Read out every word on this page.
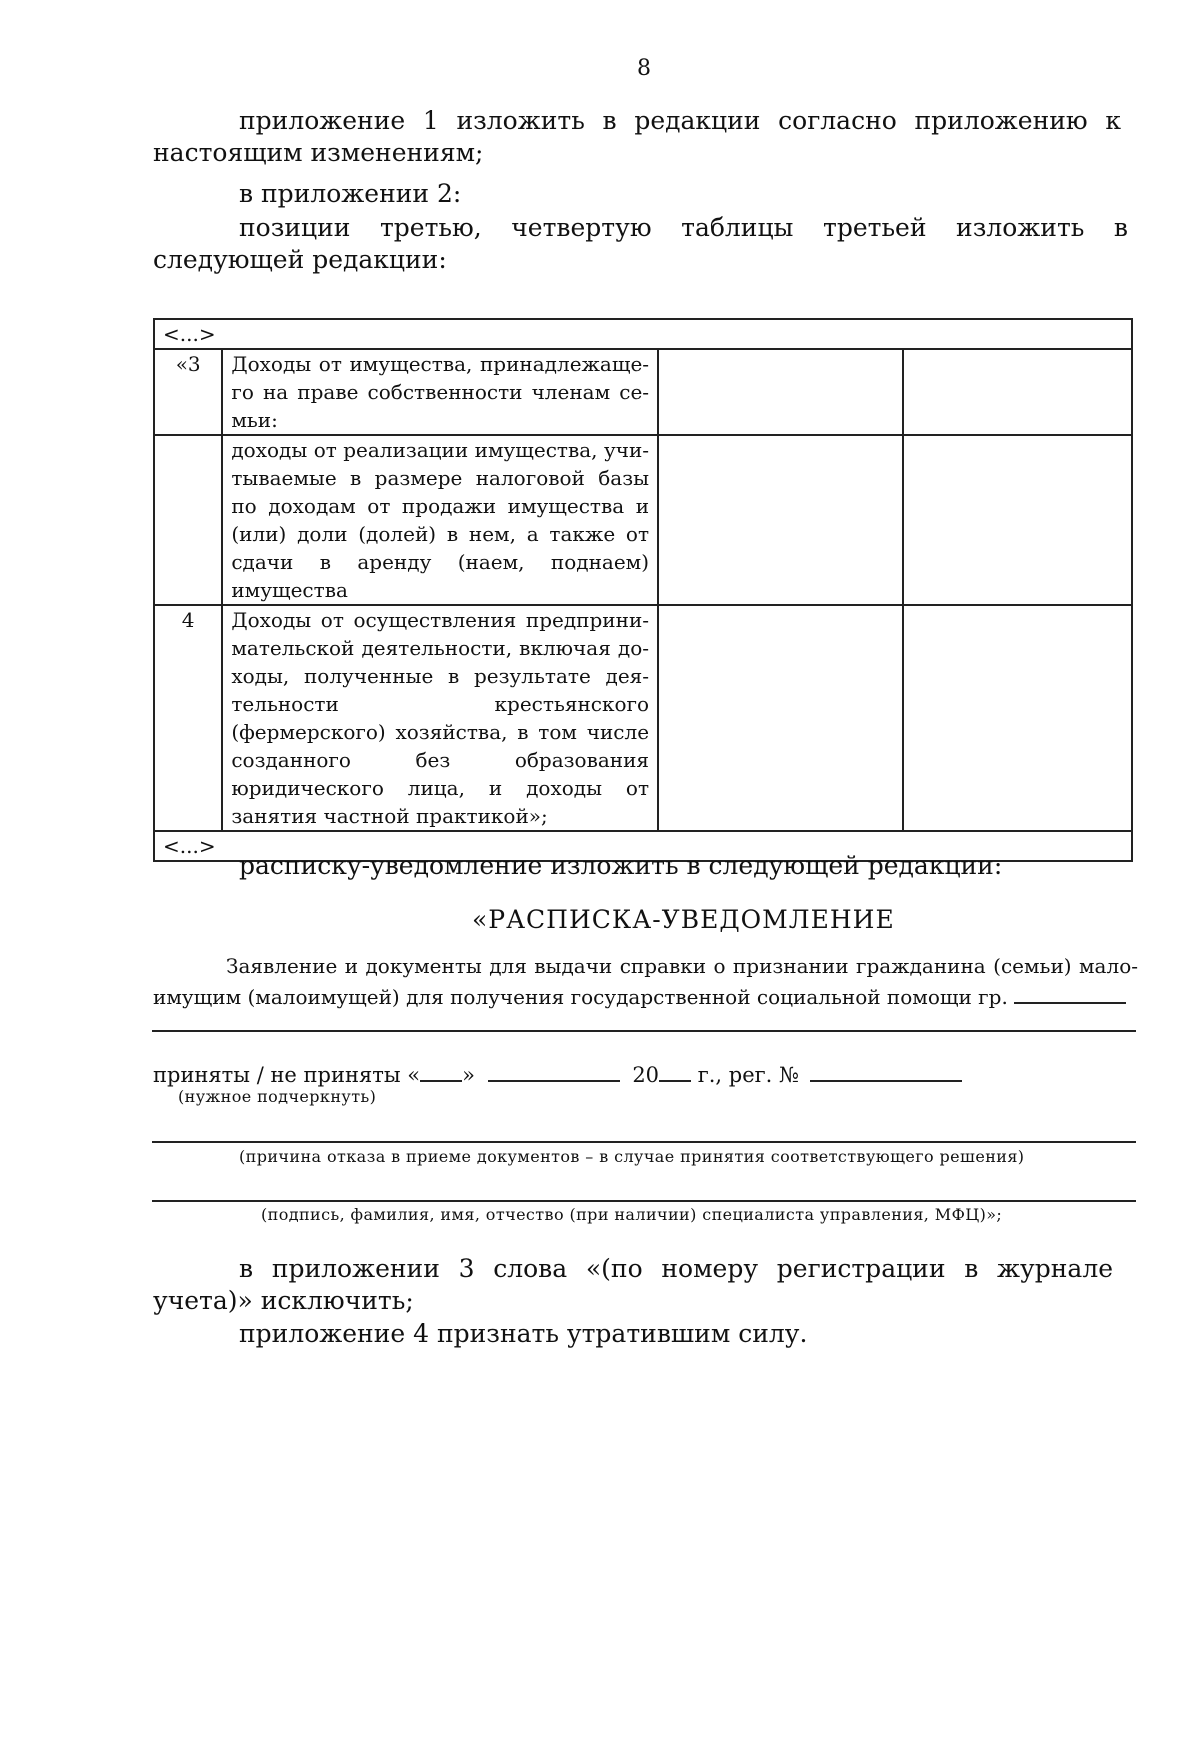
8

приложение 1 изложить в редакции согласно приложению к настоящим изменениям;

в приложении 2:

позиции третью, четвертую таблицы третьей изложить в следующей редакции:

<...>			
«3	Доходы от имущества, принадлежащего на праве собственности членам семьи:		
	доходы от реализации имущества, учитываемые в размере налоговой базы по доходам от продажи имущества и (или) доли (долей) в нем, а также от сдачи в аренду (наем, поднаем) имущества		
4	Доходы от осуществления предпринимательской деятельности, включая доходы, полученные в результате деятельности крестьянского (фермерского) хозяйства, в том числе созданного без образования юридического лица, и доходы от занятия частной практикой»;		
<...>			
расписку-уведомление изложить в следующей редакции:
«РАСПИСКА-УВЕДОМЛЕНИЕ

Заявление и документы для выдачи справки о признании гражданина (семьи) малоимущим (малоимущей) для получения государственной социальной помощи гр.

приняты / не приняты « »	20 г., рег. №
(нужное подчеркнуть)
(причина отказа в приеме документов – в случае принятия соответствующего решения)
(подпись, фамилия, имя, отчество (при наличии) специалиста управления, МФЦ)»;

в приложении 3 слова «(по номеру регистрации в журнале учета)» исключить;

приложение 4 признать утратившим силу.
